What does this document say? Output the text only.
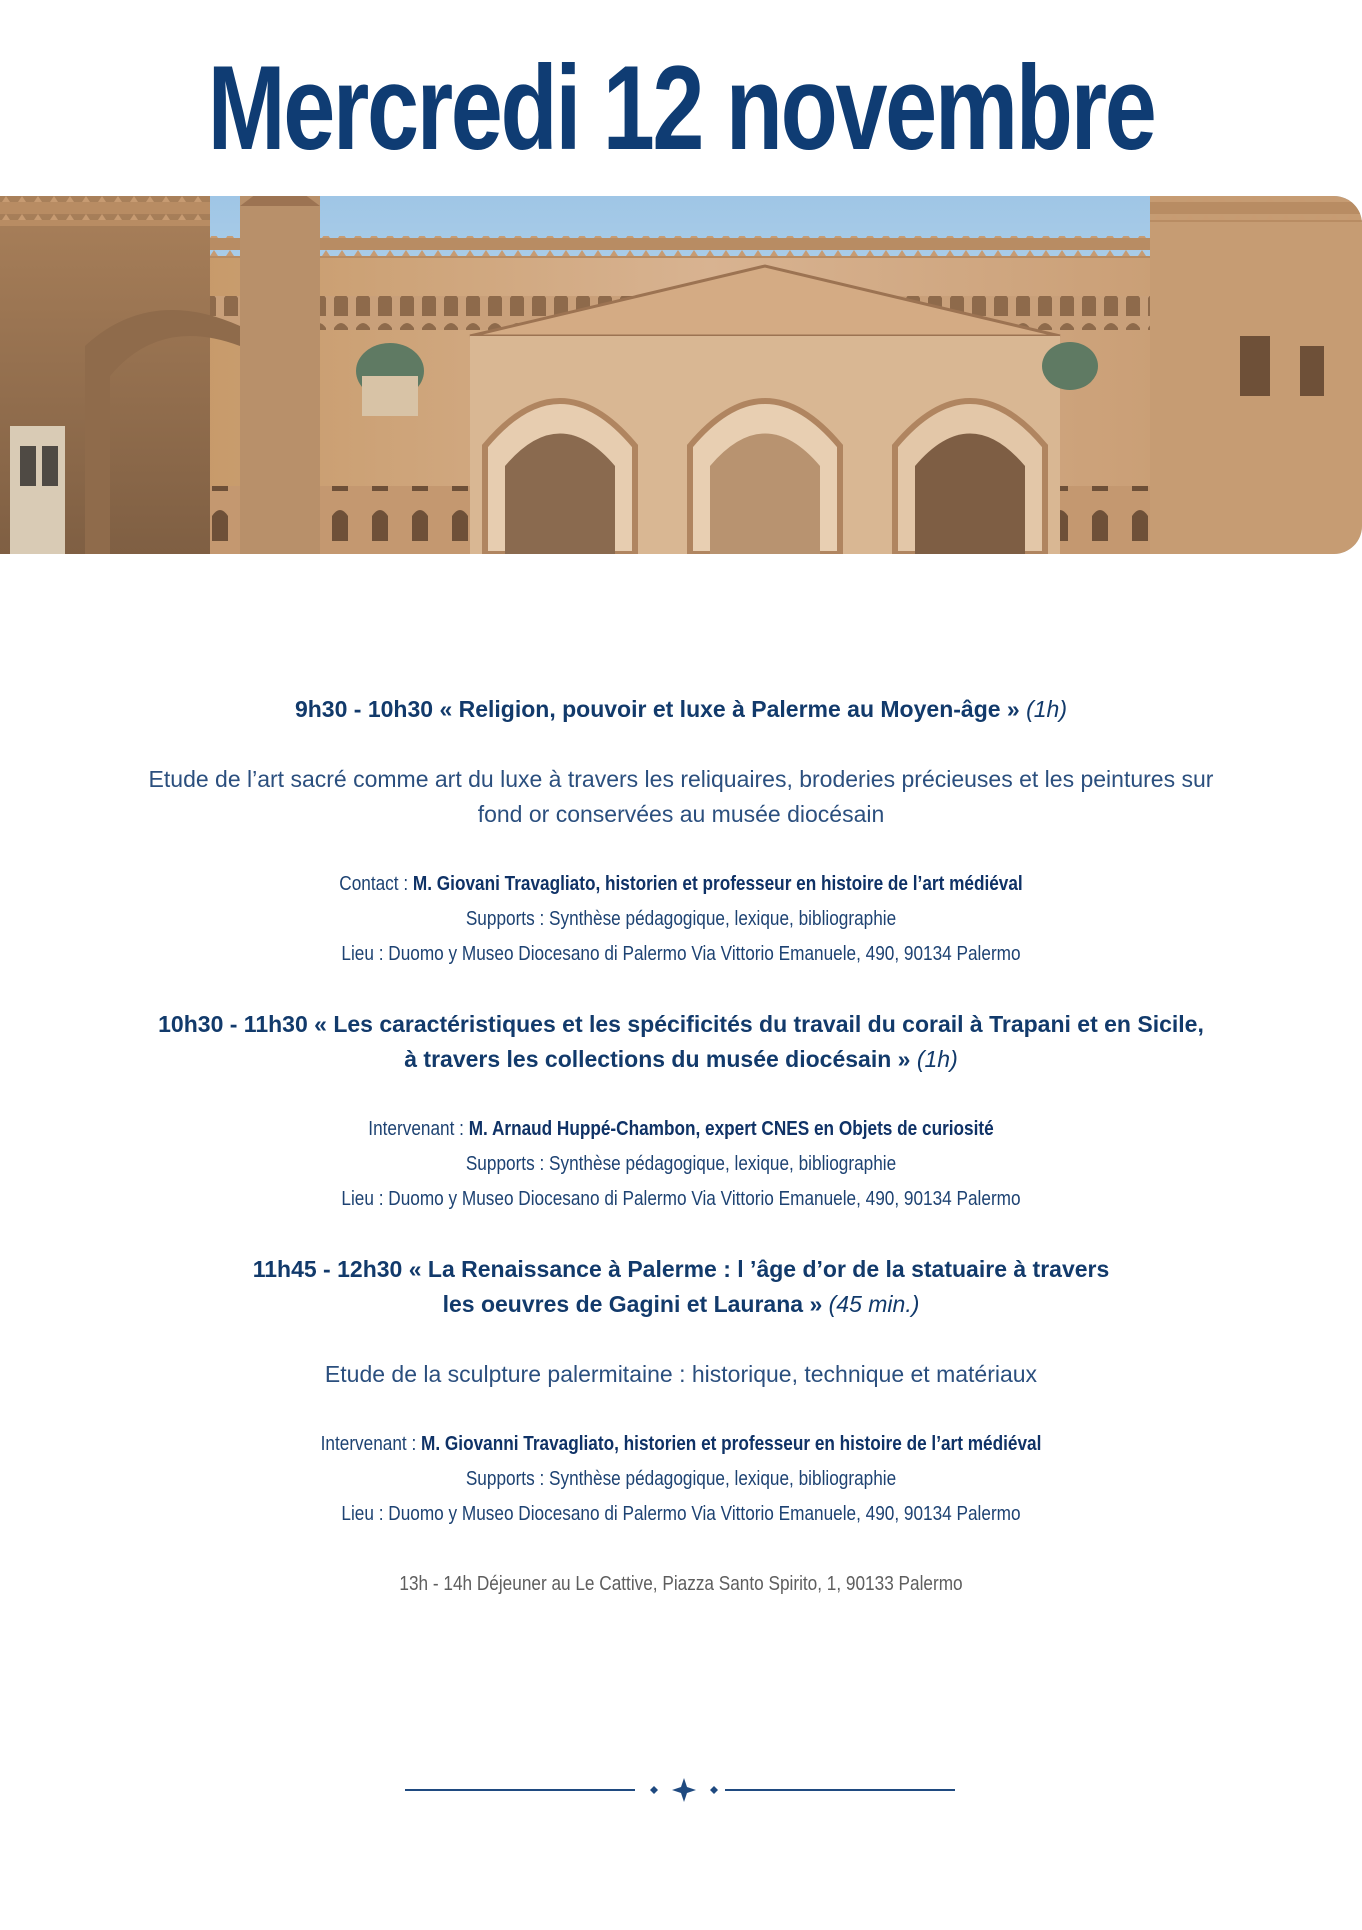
Mercredi 12 novembre

9h30 - 10h30 « Religion, pouvoir et luxe à Palerme au Moyen-âge » (1h)

Etude de l’art sacré comme art du luxe à travers les reliquaires, broderies précieuses et les peintures sur
fond or conservées au musée diocésain

Contact : M. Giovani Travagliato, historien et professeur en histoire de l’art médiéval

Supports : Synthèse pédagogique, lexique, bibliographie

Lieu : Duomo y Museo Diocesano di Palermo Via Vittorio Emanuele, 490, 90134 Palermo

10h30 - 11h30 « Les caractéristiques et les spécificités du travail du corail à Trapani et en Sicile,
à travers les collections du musée diocésain » (1h)

Intervenant : M. Arnaud Huppé-Chambon, expert CNES en Objets de curiosité

Supports : Synthèse pédagogique, lexique, bibliographie

Lieu : Duomo y Museo Diocesano di Palermo Via Vittorio Emanuele, 490, 90134 Palermo

11h45 - 12h30 « La Renaissance à Palerme : l ’âge d’or de la statuaire à travers
les oeuvres de Gagini et Laurana » (45 min.)

Etude de la sculpture palermitaine : historique, technique et matériaux

Intervenant : M. Giovanni Travagliato, historien et professeur en histoire de l’art médiéval

Supports : Synthèse pédagogique, lexique, bibliographie

Lieu : Duomo y Museo Diocesano di Palermo Via Vittorio Emanuele, 490, 90134 Palermo

13h - 14h Déjeuner au Le Cattive, Piazza Santo Spirito, 1, 90133 Palermo
